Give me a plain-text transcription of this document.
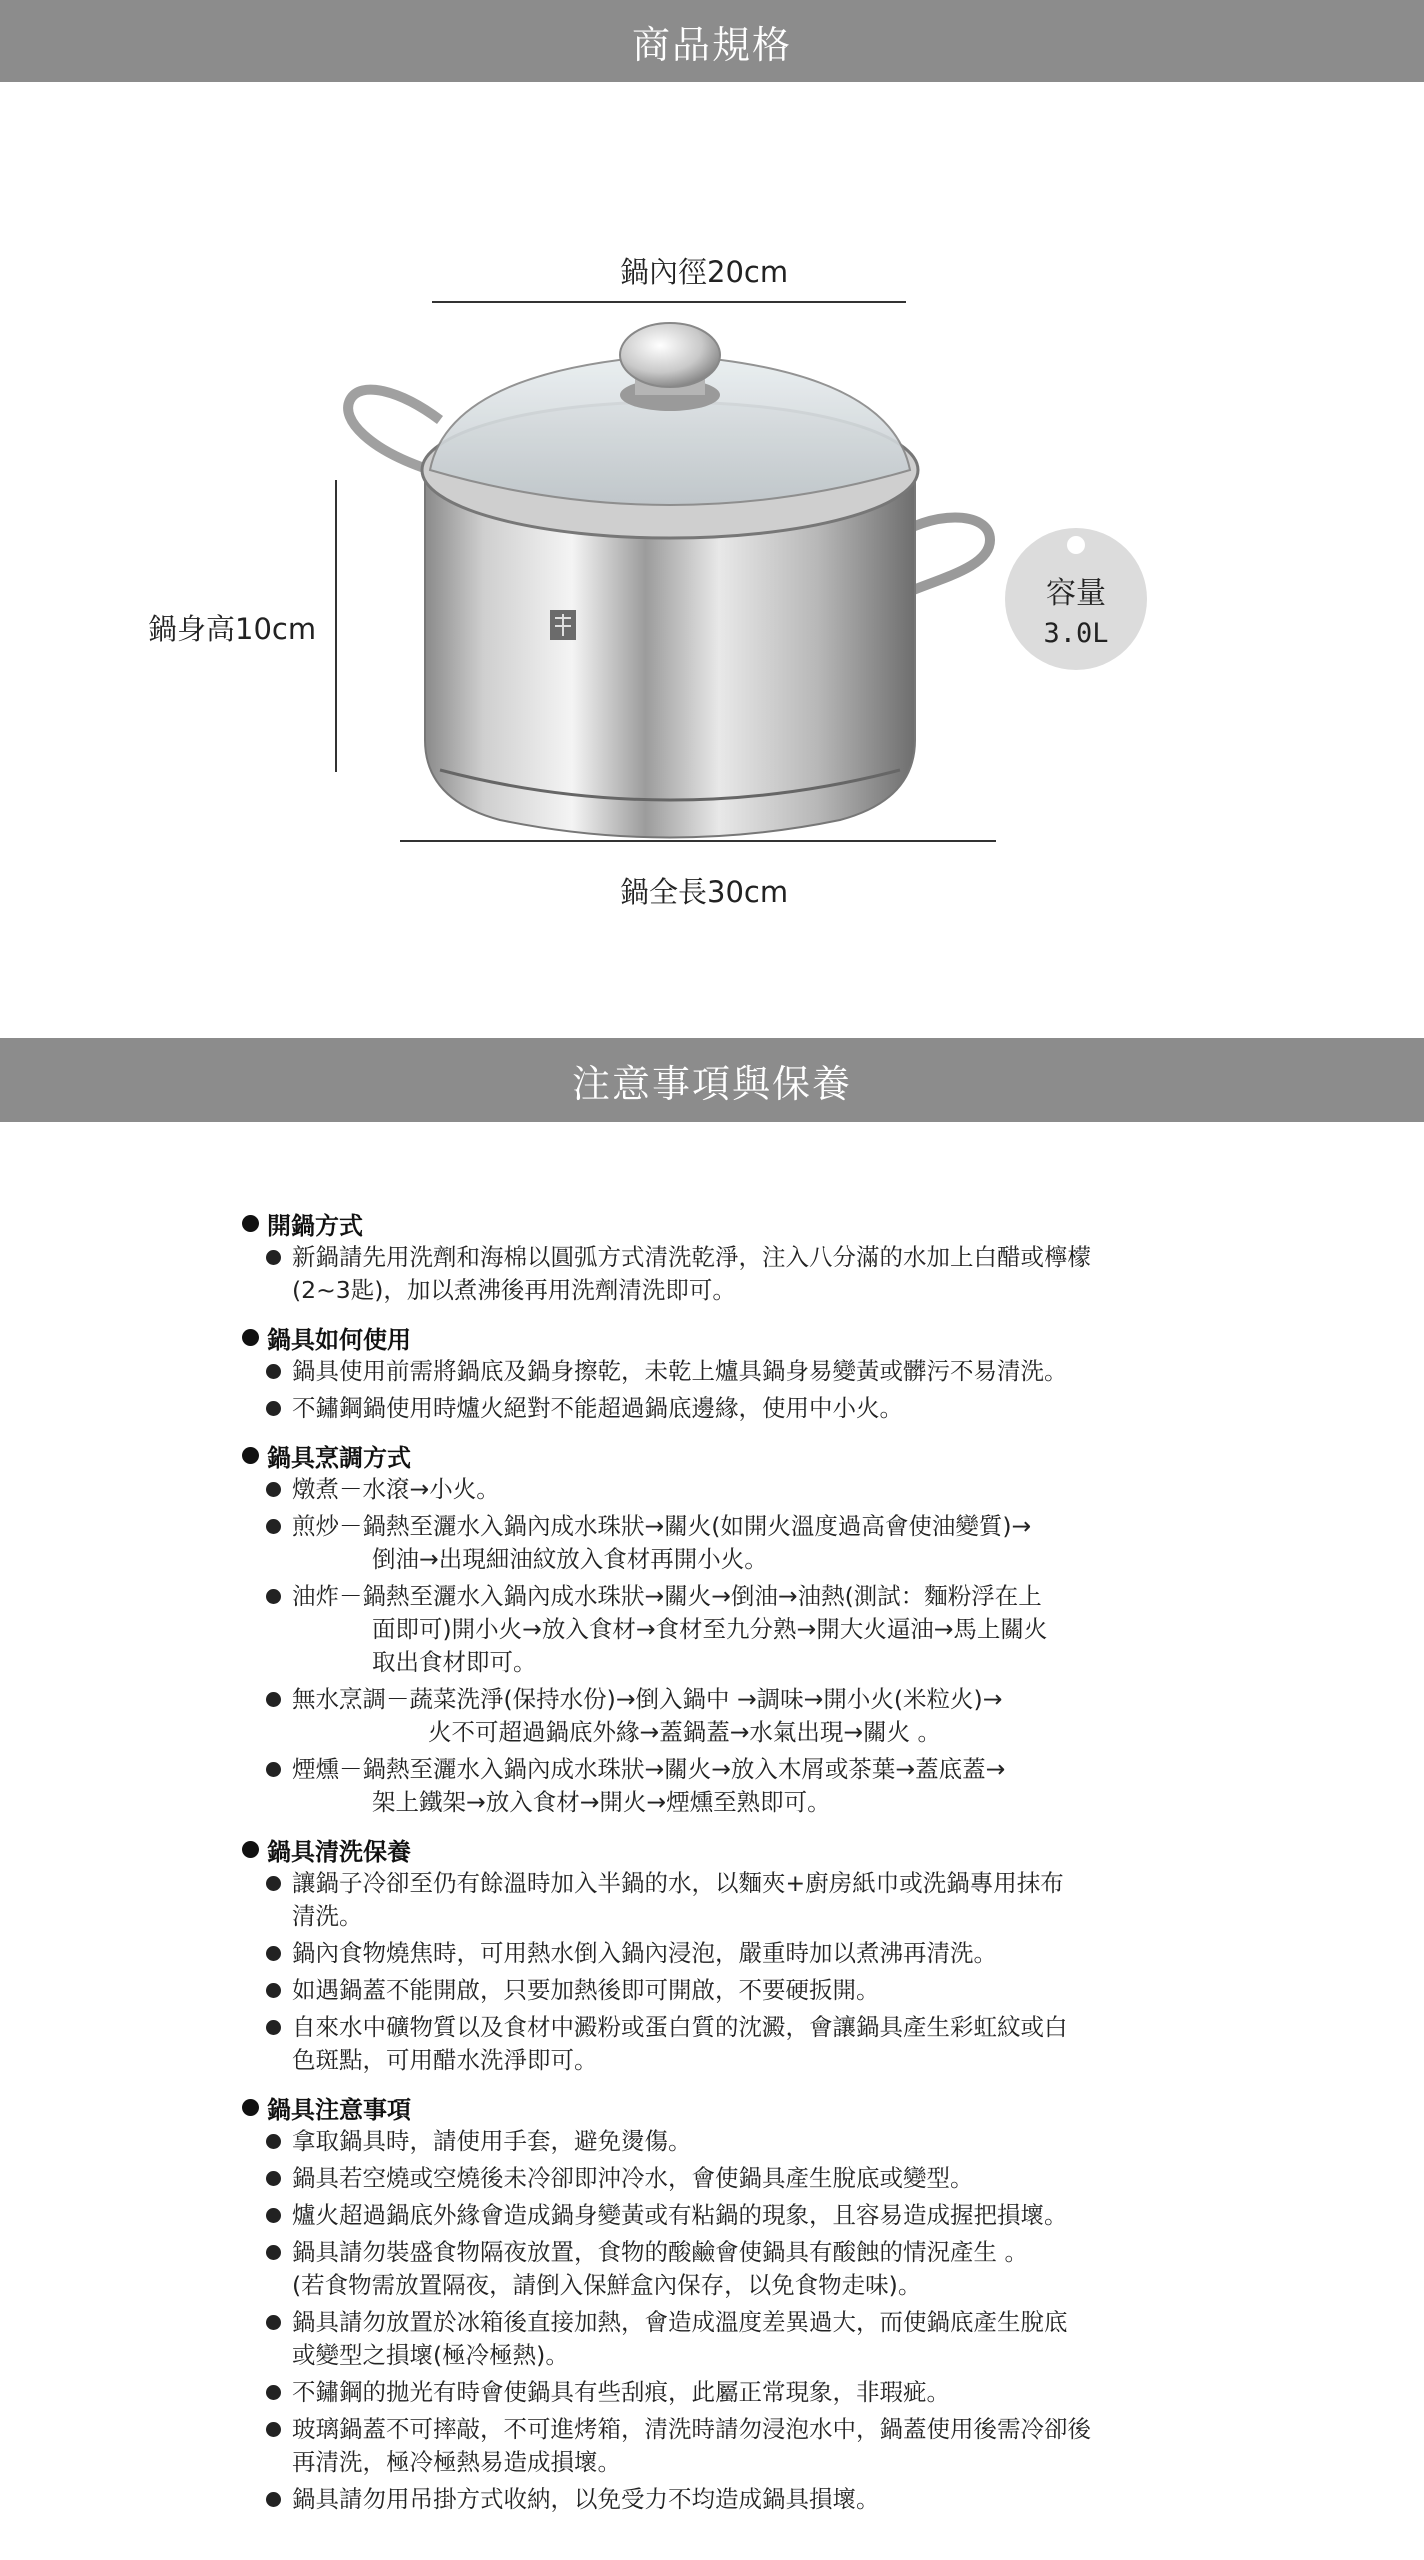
商品規格
鍋內徑20cm
鍋身高10cm
鍋全長30cm
容量
3.0L
注意事項與保養
開鍋方式
新鍋請先用洗劑和海棉以圓弧方式清洗乾淨，注入八分滿的水加上白醋或檸檬
(2~3匙)，加以煮沸後再用洗劑清洗即可。
鍋具如何使用
鍋具使用前需將鍋底及鍋身擦乾，未乾上爐具鍋身易變黃或髒污不易清洗。
不鏽鋼鍋使用時爐火絕對不能超過鍋底邊緣，使用中小火。
鍋具烹調方式
燉煮－水滾→小火。
煎炒－鍋熱至灑水入鍋內成水珠狀→關火(如開火溫度過高會使油變質)→
倒油→出現細油紋放入食材再開小火。
油炸－鍋熱至灑水入鍋內成水珠狀→關火→倒油→油熱(測試：麵粉浮在上
面即可)開小火→放入食材→食材至九分熟→開大火逼油→馬上關火
取出食材即可。
無水烹調－蔬菜洗淨(保持水份)→倒入鍋中 →調味→開小火(米粒火)→
火不可超過鍋底外緣→蓋鍋蓋→水氣出現→關火 。
煙燻－鍋熱至灑水入鍋內成水珠狀→關火→放入木屑或茶葉→蓋底蓋→
架上鐵架→放入食材→開火→煙燻至熟即可。
鍋具清洗保養
讓鍋子冷卻至仍有餘溫時加入半鍋的水，以麵夾+廚房紙巾或洗鍋專用抹布
清洗。
鍋內食物燒焦時，可用熱水倒入鍋內浸泡，嚴重時加以煮沸再清洗。
如遇鍋蓋不能開啟，只要加熱後即可開啟，不要硬扳開。
自來水中礦物質以及食材中澱粉或蛋白質的沈澱，會讓鍋具產生彩虹紋或白
色斑點，可用醋水洗淨即可。
鍋具注意事項
拿取鍋具時，請使用手套，避免燙傷。
鍋具若空燒或空燒後未冷卻即沖冷水，會使鍋具產生脫底或變型。
爐火超過鍋底外緣會造成鍋身變黃或有粘鍋的現象，且容易造成握把損壞。
鍋具請勿裝盛食物隔夜放置，食物的酸鹼會使鍋具有酸蝕的情況產生 。
(若食物需放置隔夜，請倒入保鮮盒內保存，以免食物走味)。
鍋具請勿放置於冰箱後直接加熱，會造成溫度差異過大，而使鍋底產生脫底
或變型之損壞(極冷極熱)。
不鏽鋼的拋光有時會使鍋具有些刮痕，此屬正常現象，非瑕疵。
玻璃鍋蓋不可摔敲，不可進烤箱，清洗時請勿浸泡水中，鍋蓋使用後需冷卻後
再清洗，極冷極熱易造成損壞。
鍋具請勿用吊掛方式收納，以免受力不均造成鍋具損壞。
